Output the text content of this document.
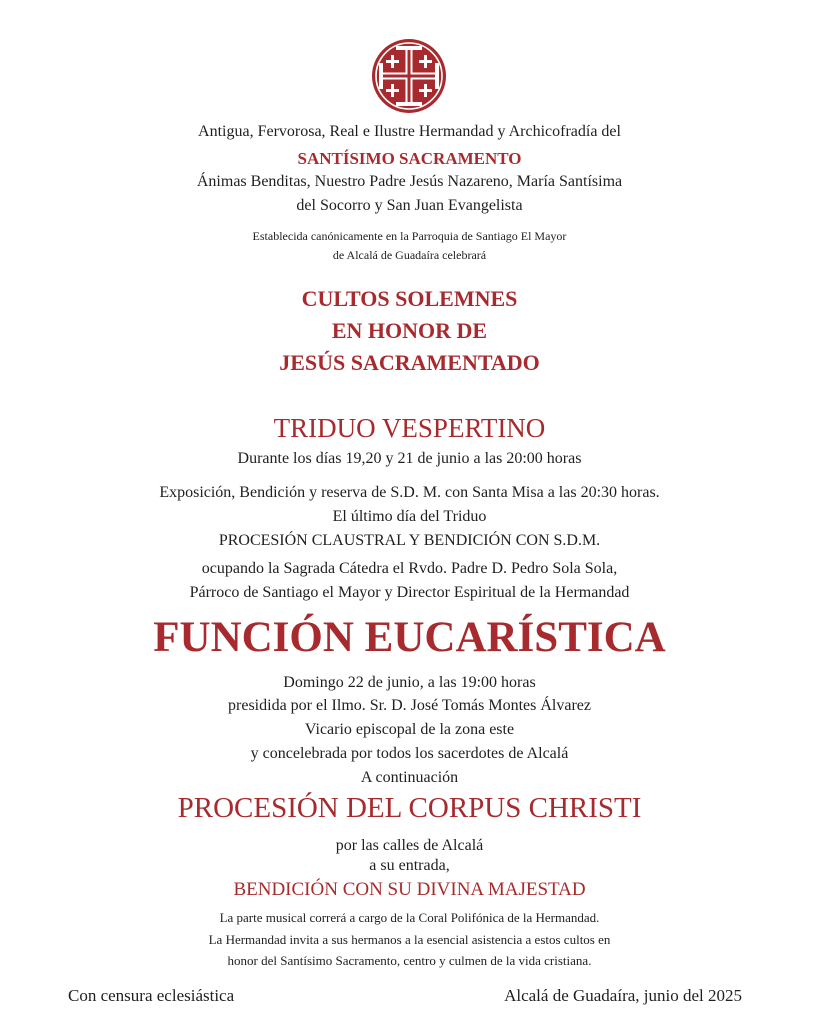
Antigua, Fervorosa, Real e Ilustre Hermandad y Archicofradía del
SANTÍSIMO SACRAMENTO
Ánimas Benditas, Nuestro Padre Jesús Nazareno, María Santísima
del Socorro y San Juan Evangelista
Establecida canónicamente en la Parroquia de Santiago El Mayor
de Alcalá de Guadaíra celebrará
CULTOS SOLEMNES
EN HONOR DE
JESÚS SACRAMENTADO
TRIDUO VESPERTINO
Durante los días 19,20 y 21 de junio a las 20:00 horas
Exposición, Bendición y reserva de S.D. M. con Santa Misa a las 20:30 horas.
El último día del Triduo
PROCESIÓN CLAUSTRAL Y BENDICIÓN CON S.D.M.
ocupando la Sagrada Cátedra el Rvdo. Padre D. Pedro Sola Sola,
Párroco de Santiago el Mayor y Director Espiritual de la Hermandad
FUNCIÓN EUCARÍSTICA
Domingo 22 de junio, a las 19:00 horas
presidida por el Ilmo. Sr. D. José Tomás Montes Álvarez
Vicario episcopal de la zona este
y concelebrada por todos los sacerdotes de Alcalá
A continuación
PROCESIÓN DEL CORPUS CHRISTI
por las calles de Alcalá
a su entrada,
BENDICIÓN CON SU DIVINA MAJESTAD
La parte musical correrá a cargo de la Coral Polifónica de la Hermandad.
La Hermandad invita a sus hermanos a la esencial asistencia a estos cultos en
honor del Santísimo Sacramento, centro y culmen de la vida cristiana.
Con censura eclesiástica	Alcalá de Guadaíra, junio del 2025
